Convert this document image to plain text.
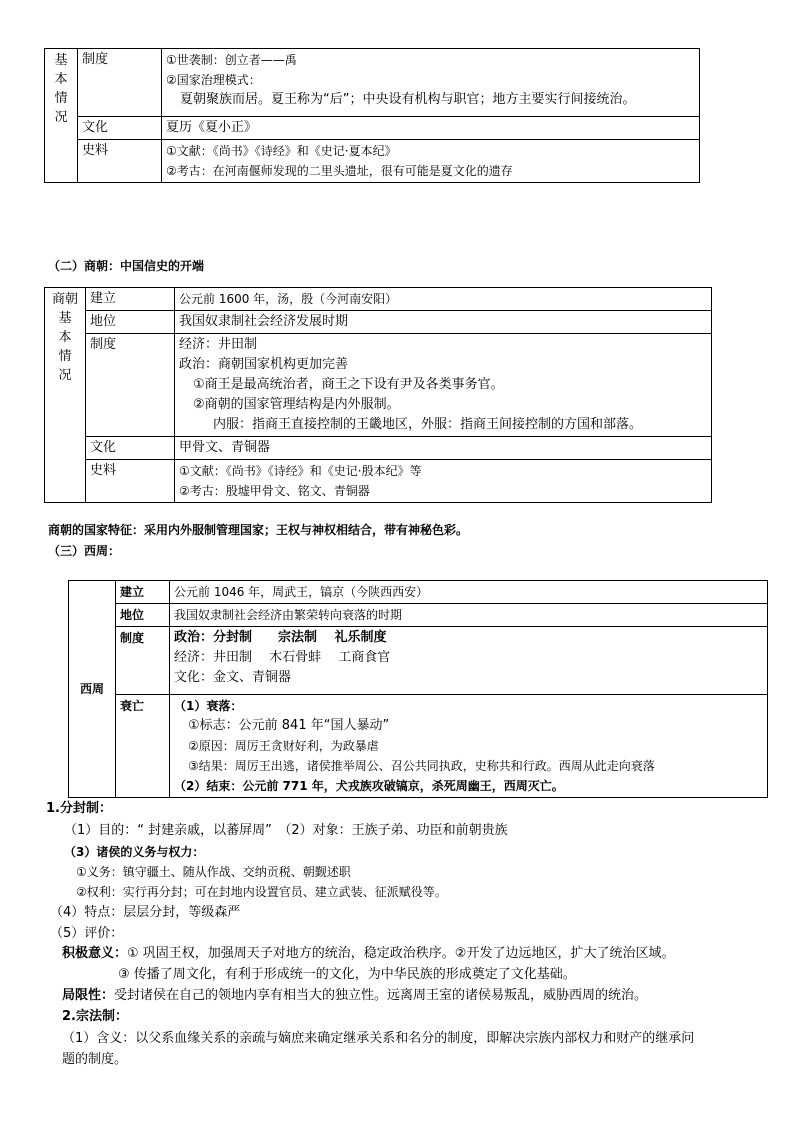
基
本
情
况	制度	①世袭制：创立者——禹
②国家治理模式：
夏朝聚族而居。夏王称为“后”；中央设有机构与职官；地方主要实行间接统治。

	文化	夏历《夏小正》

	史料	①文献：《尚书》《诗经》和《史记·夏本纪》
②考古：在河南偃师发现的二里头遗址，很有可能是夏文化的遗存
（二）商朝：中国信史的开端
商朝
基
本
情
况	建立	公元前 1600 年，汤，殷（今河南安阳）

	地位	我国奴隶制社会经济发展时期

	制度	经济：井田制
政治：商朝国家机构更加完善
①商王是最高统治者，商王之下设有尹及各类事务官。
②商朝的国家管理结构是内外服制。
内服：指商王直接控制的王畿地区，外服：指商王间接控制的方国和部落。

	文化	甲骨文、青铜器

	史料	①文献：《尚书》《诗经》和《史记·殷本纪》等
②考古：殷墟甲骨文、铭文、青铜器
商朝的国家特征：采用内外服制管理国家；王权与神权相结合，带有神秘色彩。
（三）西周：
西周	建立	公元前 1046 年，周武王，镐京（今陕西西安）

	地位	我国奴隶制社会经济由繁荣转向衰落的时期

	制度	政治：分封制　　宗法制　 礼乐制度
经济：井田制　 木石骨蚌　 工商食官
文化：金文、青铜器

	衰亡	（1）衰落：
①标志：公元前 841 年“国人暴动”
②原因：周厉王贪财好利，为政暴虐
③结果：周厉王出逃，诸侯推举周公、召公共同执政，史称共和行政。西周从此走向衰落
（2）结束：公元前 771 年，犬戎族攻破镐京，杀死周幽王，西周灭亡。
1.分封制：
（1）目的：“ 封建亲戚，以蕃屏周”　（2）对象：王族子弟、功臣和前朝贵族
（3）诸侯的义务与权力：
①义务：镇守疆土、随从作战、交纳贡税、朝觐述职
②权利：实行再分封；可在封地内设置官员、建立武装、征派赋役等。
（4）特点：层层分封，等级森严
（5）评价：
积极意义：① 巩固王权，加强周天子对地方的统治，稳定政治秩序。②开发了边远地区，扩大了统治区域。
③ 传播了周文化，有利于形成统一的文化，为中华民族的形成奠定了文化基础。
局限性：受封诸侯在自己的领地内享有相当大的独立性。远离周王室的诸侯易叛乱，威胁西周的统治。
2.宗法制：
（1）含义：以父系血缘关系的亲疏与嫡庶来确定继承关系和名分的制度，即解决宗族内部权力和财产的继承问
题的制度。
